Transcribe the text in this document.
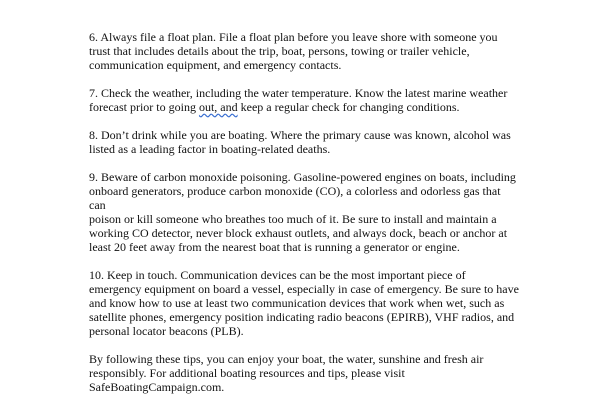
6. Always file a float plan. File a float plan before you leave shore with someone you
trust that includes details about the trip, boat, persons, towing or trailer vehicle,
communication equipment, and emergency contacts.

7. Check the weather, including the water temperature. Know the latest marine weather
forecast prior to going out, and keep a regular check for changing conditions.

8. Don’t drink while you are boating. Where the primary cause was known, alcohol was
listed as a leading factor in boating-related deaths.

9. Beware of carbon monoxide poisoning. Gasoline-powered engines on boats, including
onboard generators, produce carbon monoxide (CO), a colorless and odorless gas that can
poison or kill someone who breathes too much of it. Be sure to install and maintain a
working CO detector, never block exhaust outlets, and always dock, beach or anchor at
least 20 feet away from the nearest boat that is running a generator or engine.

10. Keep in touch. Communication devices can be the most important piece of
emergency equipment on board a vessel, especially in case of emergency. Be sure to have
and know how to use at least two communication devices that work when wet, such as
satellite phones, emergency position indicating radio beacons (EPIRB), VHF radios, and
personal locator beacons (PLB).

By following these tips, you can enjoy your boat, the water, sunshine and fresh air
responsibly. For additional boating resources and tips, please visit
SafeBoatingCampaign.com.
